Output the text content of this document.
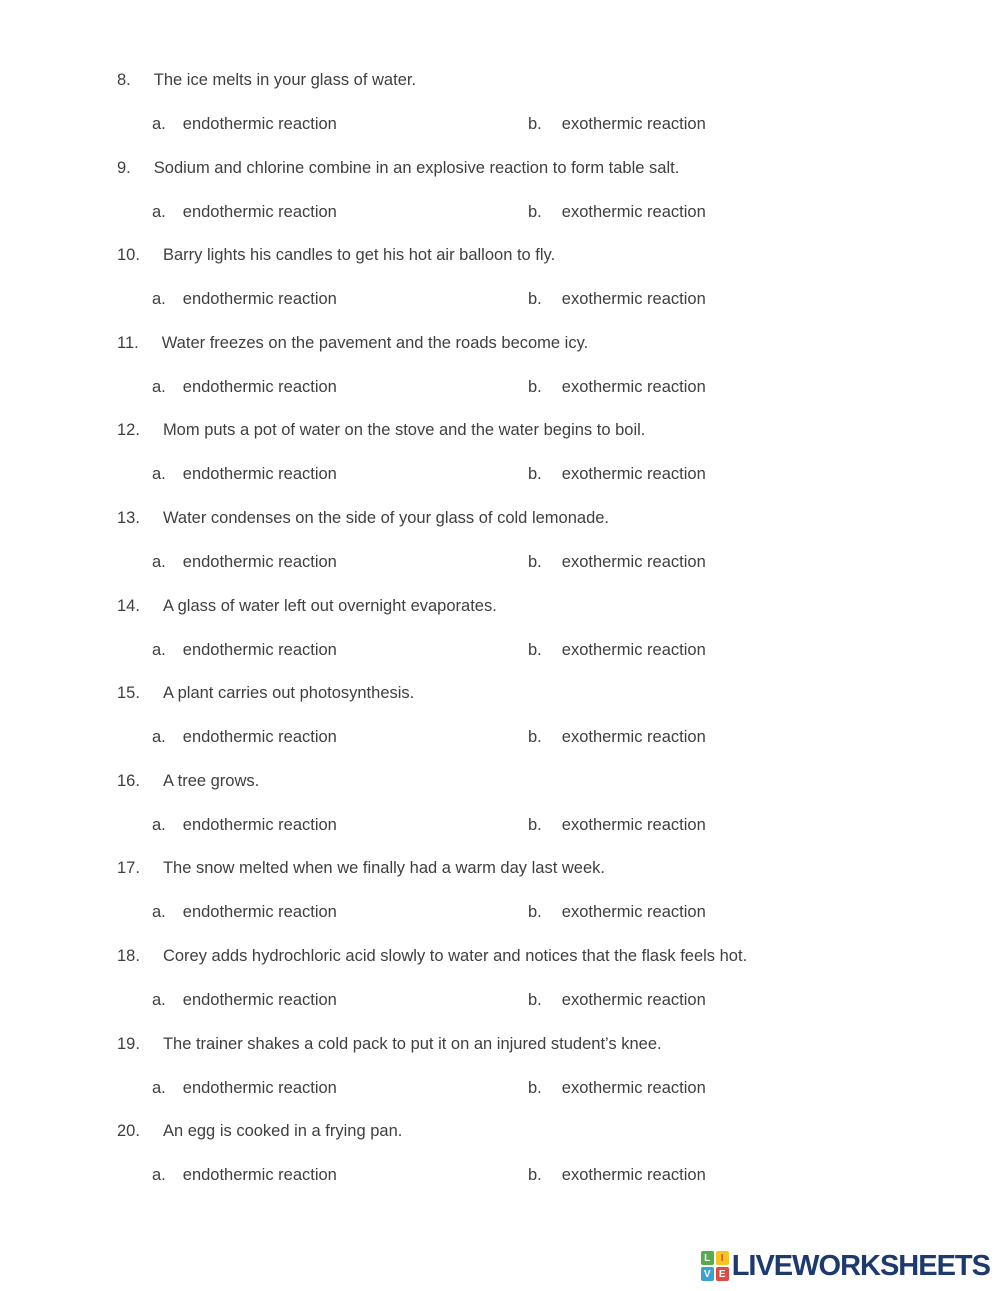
8. The ice melts in your glass of water.
a. endothermic reaction	b. exothermic reaction
9. Sodium and chlorine combine in an explosive reaction to form table salt.
a. endothermic reaction	b. exothermic reaction
10. Barry lights his candles to get his hot air balloon to fly.
a. endothermic reaction	b. exothermic reaction
11. Water freezes on the pavement and the roads become icy.
a. endothermic reaction	b. exothermic reaction
12. Mom puts a pot of water on the stove and the water begins to boil.
a. endothermic reaction	b. exothermic reaction
13. Water condenses on the side of your glass of cold lemonade.
a. endothermic reaction	b. exothermic reaction
14. A glass of water left out overnight evaporates.
a. endothermic reaction	b. exothermic reaction
15. A plant carries out photosynthesis.
a. endothermic reaction	b. exothermic reaction
16. A tree grows.
a. endothermic reaction	b. exothermic reaction
17. The snow melted when we finally had a warm day last week.
a. endothermic reaction	b. exothermic reaction
18. Corey adds hydrochloric acid slowly to water and notices that the flask feels hot.
a. endothermic reaction	b. exothermic reaction
19. The trainer shakes a cold pack to put it on an injured student’s knee.
a. endothermic reaction	b. exothermic reaction
20. An egg is cooked in a frying pan.
a. endothermic reaction	b. exothermic reaction
L	I
V E LIVEWORKSHEETS
